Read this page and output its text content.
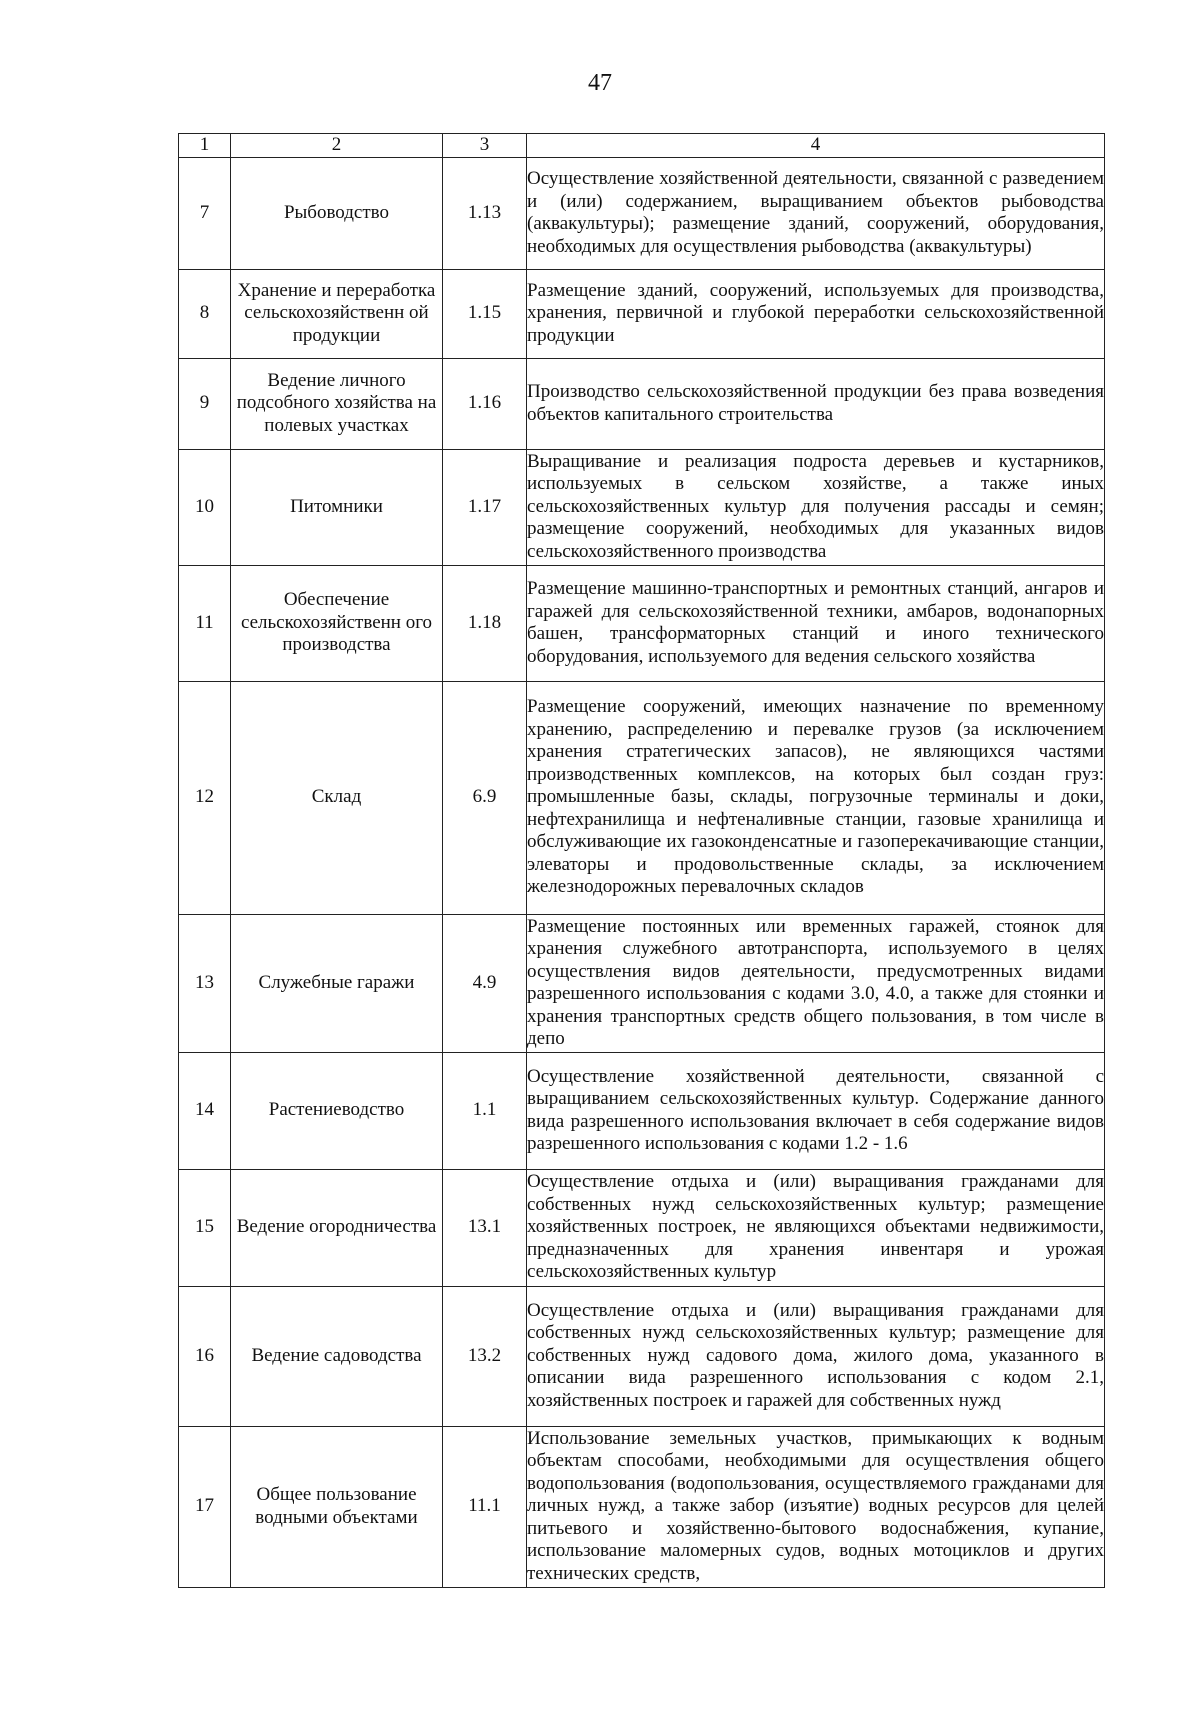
47
1	2	3	4
7	Рыбоводство	1.13	Осуществление хозяйственной деятельности, связанной с разведением и (или) содержанием, выращиванием объектов рыбоводства (аквакультуры); размещение зданий, сооружений, оборудования, необходимых для осуществления рыбоводства (аквакультуры)
8	Хранение и переработка сельскохозяйственн ой продукции	1.15	Размещение зданий, сооружений, используемых для производства, хранения, первичной и глубокой переработки сельскохозяйственной продукции
9	Ведение личного подсобного хозяйства на полевых участках	1.16	Производство сельскохозяйственной продукции без права возведения объектов капитального строительства
10	Питомники	1.17	Выращивание и реализация подроста деревьев и кустарников, используемых в сельском хозяйстве, а также иных сельскохозяйственных культур для получения рассады и семян; размещение сооружений, необходимых для указанных видов сельскохозяйственного производства
11	Обеспечение сельскохозяйственн ого производства	1.18	Размещение машинно-транспортных и ремонтных станций, ангаров и гаражей для сельскохозяйственной техники, амбаров, водонапорных башен, трансформаторных станций и иного технического оборудования, используемого для ведения сельского хозяйства
12	Склад	6.9	Размещение сооружений, имеющих назначение по временному хранению, распределению и перевалке грузов (за исключением хранения стратегических запасов), не являющихся частями производственных комплексов, на которых был создан груз: промышленные базы, склады, погрузочные терминалы и доки, нефтехранилища и нефтеналивные станции, газовые хранилища и обслуживающие их газоконденсатные и газоперекачивающие станции, элеваторы и продовольственные склады, за исключением железнодорожных перевалочных складов
13	Служебные гаражи	4.9	Размещение постоянных или временных гаражей, стоянок для хранения служебного автотранспорта, используемого в целях осуществления видов деятельности, предусмотренных видами разрешенного использования с кодами 3.0, 4.0, а также для стоянки и хранения транспортных средств общего пользования, в том числе в депо
14	Растениеводство	1.1	Осуществление хозяйственной деятельности, связанной с выращиванием сельскохозяйственных культур. Содержание данного вида разрешенного использования включает в себя содержание видов разрешенного использования с кодами 1.2 - 1.6
15	Ведение огородничества	13.1	Осуществление отдыха и (или) выращивания гражданами для собственных нужд сельскохозяйственных культур; размещение хозяйственных построек, не являющихся объектами недвижимости, предназначенных для хранения инвентаря и урожая сельскохозяйственных культур
16	Ведение садоводства	13.2	Осуществление отдыха и (или) выращивания гражданами для собственных нужд сельскохозяйственных культур; размещение для собственных нужд садового дома, жилого дома, указанного в описании вида разрешенного использования с кодом 2.1, хозяйственных построек и гаражей для собственных нужд
17	Общее пользование водными объектами	11.1	Использование земельных участков, примыкающих к водным объектам способами, необходимыми для осуществления общего водопользования (водопользования, осуществляемого гражданами для личных нужд, а также забор (изъятие) водных ресурсов для целей питьевого и хозяйственно-бытового водоснабжения, купание, использование маломерных судов, водных мотоциклов и других технических средств,
